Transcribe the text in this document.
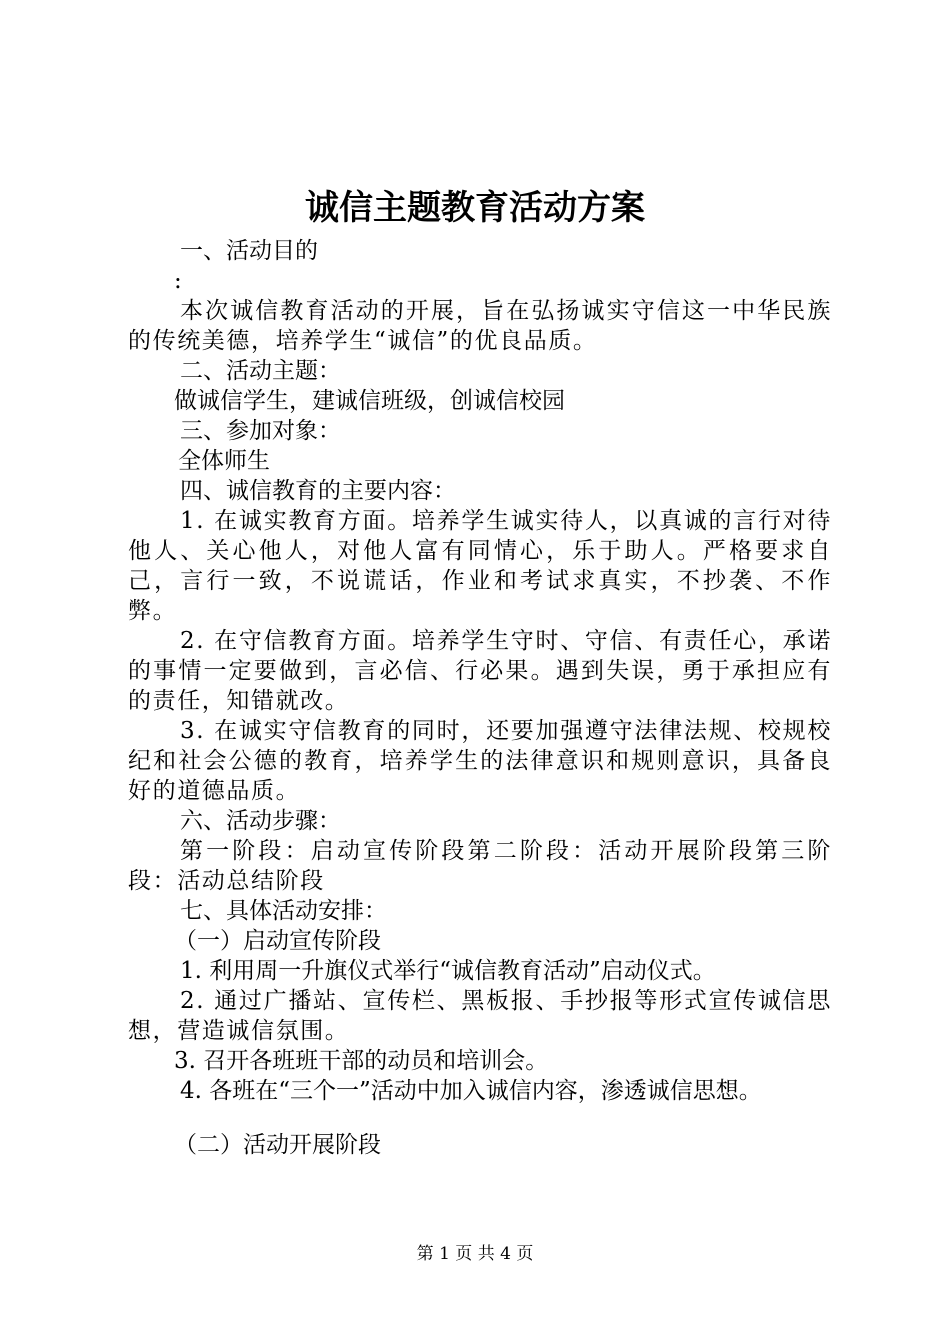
诚信主题教育活动方案
一、活动目的
:
本次诚信教育活动的开展，旨在弘扬诚实守信这一中华民族的传统美德，培养学生“诚信”的优良品质。
二、活动主题：
做诚信学生，建诚信班级，创诚信校园
三、参加对象：
全体师生
四、诚信教育的主要内容：
1. 在诚实教育方面。培养学生诚实待人，以真诚的言行对待他人、关心他人，对他人富有同情心，乐于助人。严格要求自己，言行一致，不说谎话，作业和考试求真实，不抄袭、不作弊。
2. 在守信教育方面。培养学生守时、守信、有责任心，承诺的事情一定要做到，言必信、行必果。遇到失误，勇于承担应有的责任，知错就改。
3. 在诚实守信教育的同时，还要加强遵守法律法规、校规校纪和社会公德的教育，培养学生的法律意识和规则意识，具备良好的道德品质。
六、活动步骤：
第一阶段：启动宣传阶段第二阶段：活动开展阶段第三阶段：活动总结阶段
七、具体活动安排：
（一）启动宣传阶段
1. 利用周一升旗仪式举行“诚信教育活动”启动仪式。
2. 通过广播站、宣传栏、黑板报、手抄报等形式宣传诚信思想，营造诚信氛围。
3. 召开各班班干部的动员和培训会。
4. 各班在“三个一”活动中加入诚信内容，渗透诚信思想。
（二）活动开展阶段
第 1 页 共 4 页
